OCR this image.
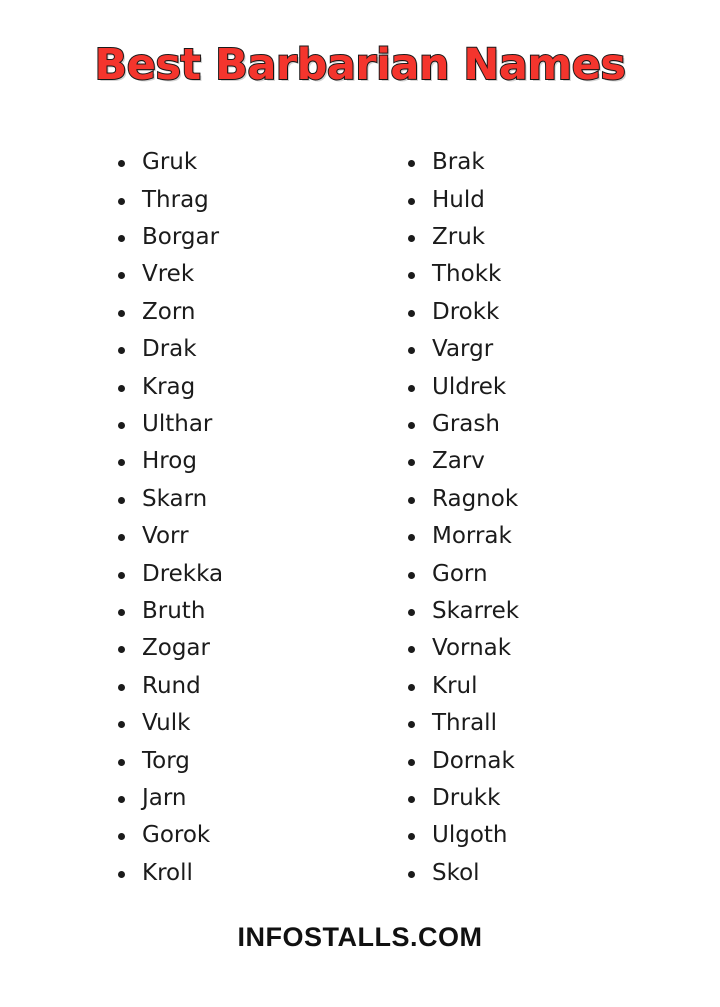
Best Barbarian Names
Gruk
Thrag
Borgar
Vrek
Zorn
Drak
Krag
Ulthar
Hrog
Skarn
Vorr
Drekka
Bruth
Zogar
Rund
Vulk
Torg
Jarn
Gorok
Kroll
Brak
Huld
Zruk
Thokk
Drokk
Vargr
Uldrek
Grash
Zarv
Ragnok
Morrak
Gorn
Skarrek
Vornak
Krul
Thrall
Dornak
Drukk
Ulgoth
Skol
INFOSTALLS.COM
